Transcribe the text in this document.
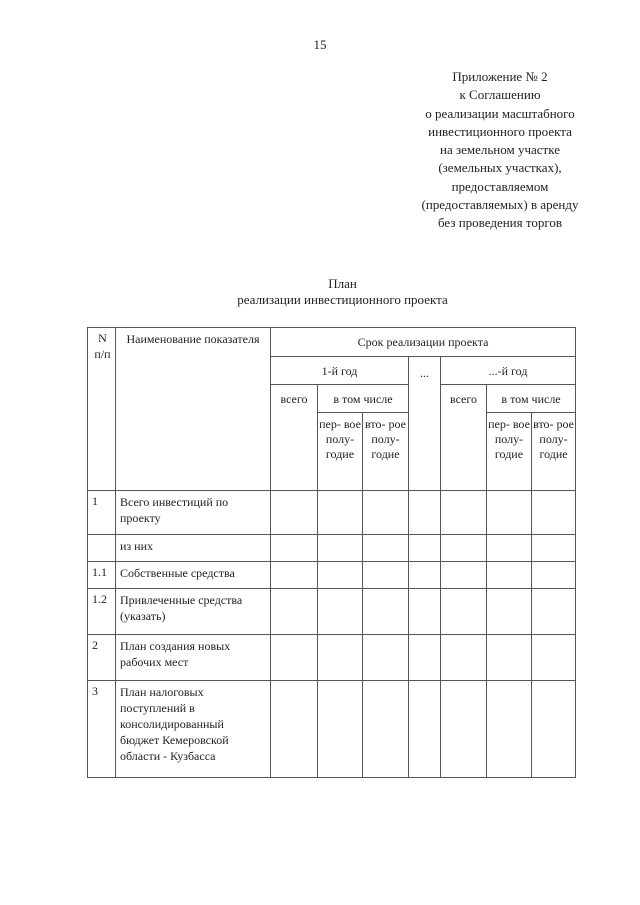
15
Приложение № 2
к Соглашению
о реализации масштабного
инвестиционного проекта
на земельном участке
(земельных участках),
предоставляемом
(предоставляемых) в аренду
без проведения торгов
План
реализации инвестиционного проекта
N п/п	Наименование показателя	Срок реализации проекта						
		1-й год			...	...-й год		
		всего	в том числе			всего	в том числе	
			пер- вое полу- годие	вто- рое полу- годие			пер- вое полу- годие	вто- рое полу- годие
1	Всего инвестиций по проекту							
	из них							
1.1	Собственные средства							
1.2	Привлеченные средства (указать)							
2	План создания новых рабочих мест							
3	План налоговых поступлений в консолидированный бюджет Кемеровской области - Кузбасса							
